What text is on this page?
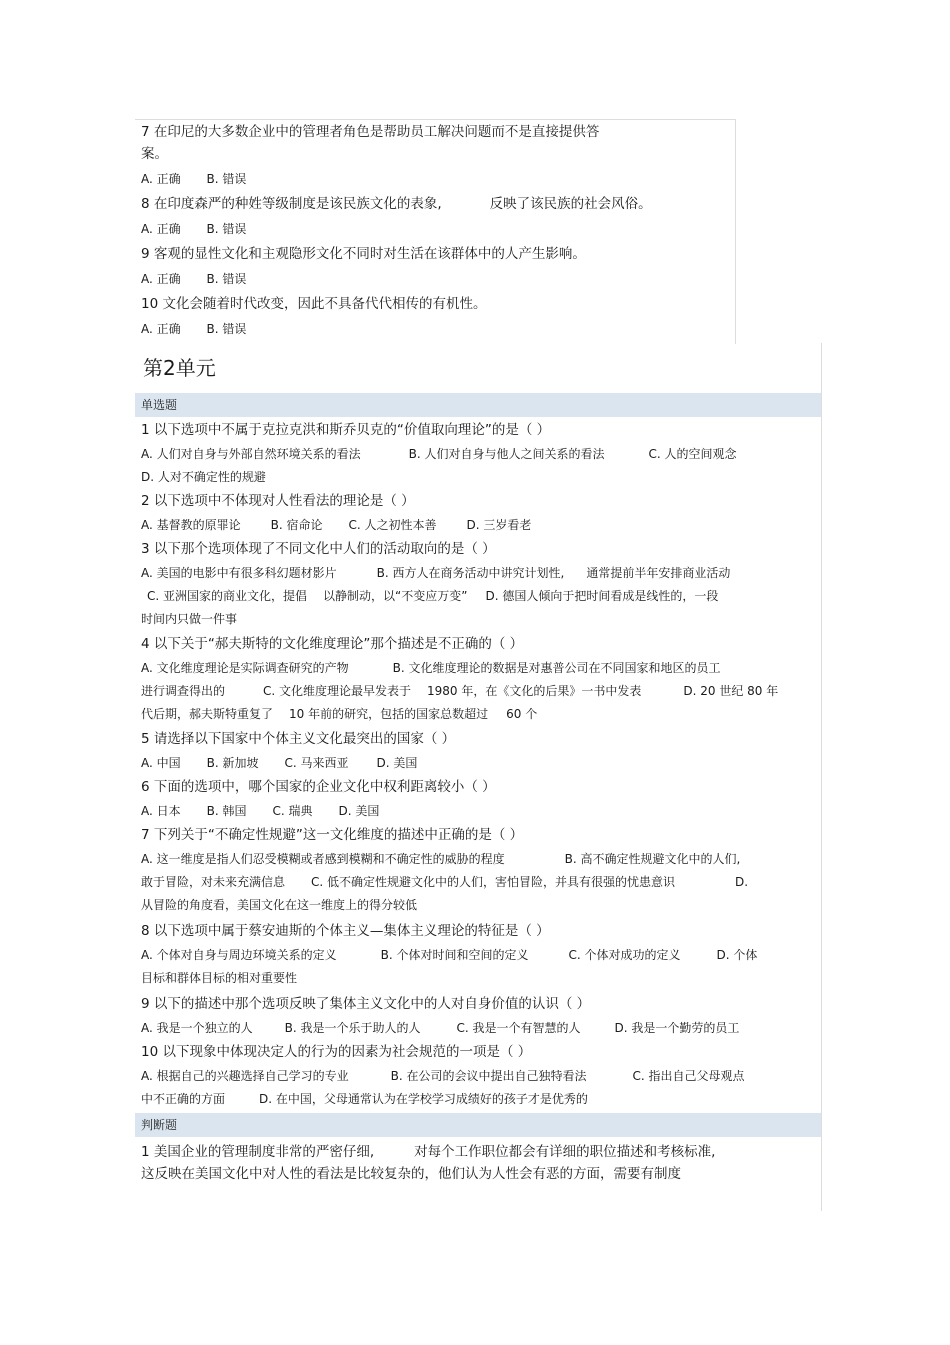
7 在印尼的大多数企业中的管理者角色是帮助员工解决问题而不是直接提供答
案。
A. 正确 B. 错误
8 在印度森严的种姓等级制度是该民族文化的表象,	反映了该民族的社会风俗。
A. 正确 B. 错误
9 客观的显性文化和主观隐形文化不同时对生活在该群体中的人产生影响。
A. 正确 B. 错误
10 文化会随着时代改变，因此不具备代代相传的有机性。
A. 正确 B. 错误
第2单元
单选题
1 以下选项中不属于克拉克洪和斯乔贝克的“价值取向理论”的是（ ）
A. 人们对自身与外部自然环境关系的看法	B. 人们对自身与他人之间关系的看法	C. 人的空间观念
D. 人对不确定性的规避
2 以下选项中不体现对人性看法的理论是（ ）
A. 基督教的原罪论	B. 宿命论 C. 人之初性本善	D. 三岁看老
3 以下那个选项体现了不同文化中人们的活动取向的是（ ）
A. 美国的电影中有很多科幻题材影片	B. 西方人在商务活动中讲究计划性, 通常提前半年安排商业活动
C. 亚洲国家的商业文化，提倡 以静制动，以“不变应万变” D. 德国人倾向于把时间看成是线性的，一段
时间内只做一件事
4 以下关于“郝夫斯特的文化维度理论”那个描述是不正确的（ ）
A. 文化维度理论是实际调查研究的产物	B. 文化维度理论的数据是对惠普公司在不同国家和地区的员工
进行调查得出的	C. 文化维度理论最早发表于 1980 年，在《文化的后果》一书中发表	D. 20 世纪 80 年
代后期，郝夫斯特重复了 10 年前的研究，包括的国家总数超过 60 个
5 请选择以下国家中个体主义文化最突出的国家（ ）
A. 中国 B. 新加坡 C. 马来西亚 D. 美国
6 下面的选项中，哪个国家的企业文化中权利距离较小（ ）
A. 日本 B. 韩国 C. 瑞典 D. 美国
7 下列关于“不确定性规避”这一文化维度的描述中正确的是（ ）
A. 这一维度是指人们忍受模糊或者感到模糊和不确定性的威胁的程度	B. 高不确定性规避文化中的人们,
敢于冒险，对未来充满信息 C. 低不确定性规避文化中的人们，害怕冒险，并具有很强的忧患意识	D.
从冒险的角度看，美国文化在这一维度上的得分较低
8 以下选项中属于蔡安迪斯的个体主义—集体主义理论的特征是（ ）
A. 个体对自身与周边环境关系的定义	B. 个体对时间和空间的定义	C. 个体对成功的定义	D. 个体
目标和群体目标的相对重要性
9 以下的描述中那个选项反映了集体主义文化中的人对自身价值的认识（ ）
A. 我是一个独立的人	B. 我是一个乐于助人的人	C. 我是一个有智慧的人	D. 我是一个勤劳的员工
10 以下现象中体现决定人的行为的因素为社会规范的一项是（ ）
A. 根据自己的兴趣选择自己学习的专业	B. 在公司的会议中提出自己独特看法	C. 指出自己父母观点
中不正确的方面	D. 在中国，父母通常认为在学校学习成绩好的孩子才是优秀的
判断题
1 美国企业的管理制度非常的严密仔细,	对每个工作职位都会有详细的职位描述和考核标准,
这反映在美国文化中对人性的看法是比较复杂的，他们认为人性会有恶的方面，需要有制度
